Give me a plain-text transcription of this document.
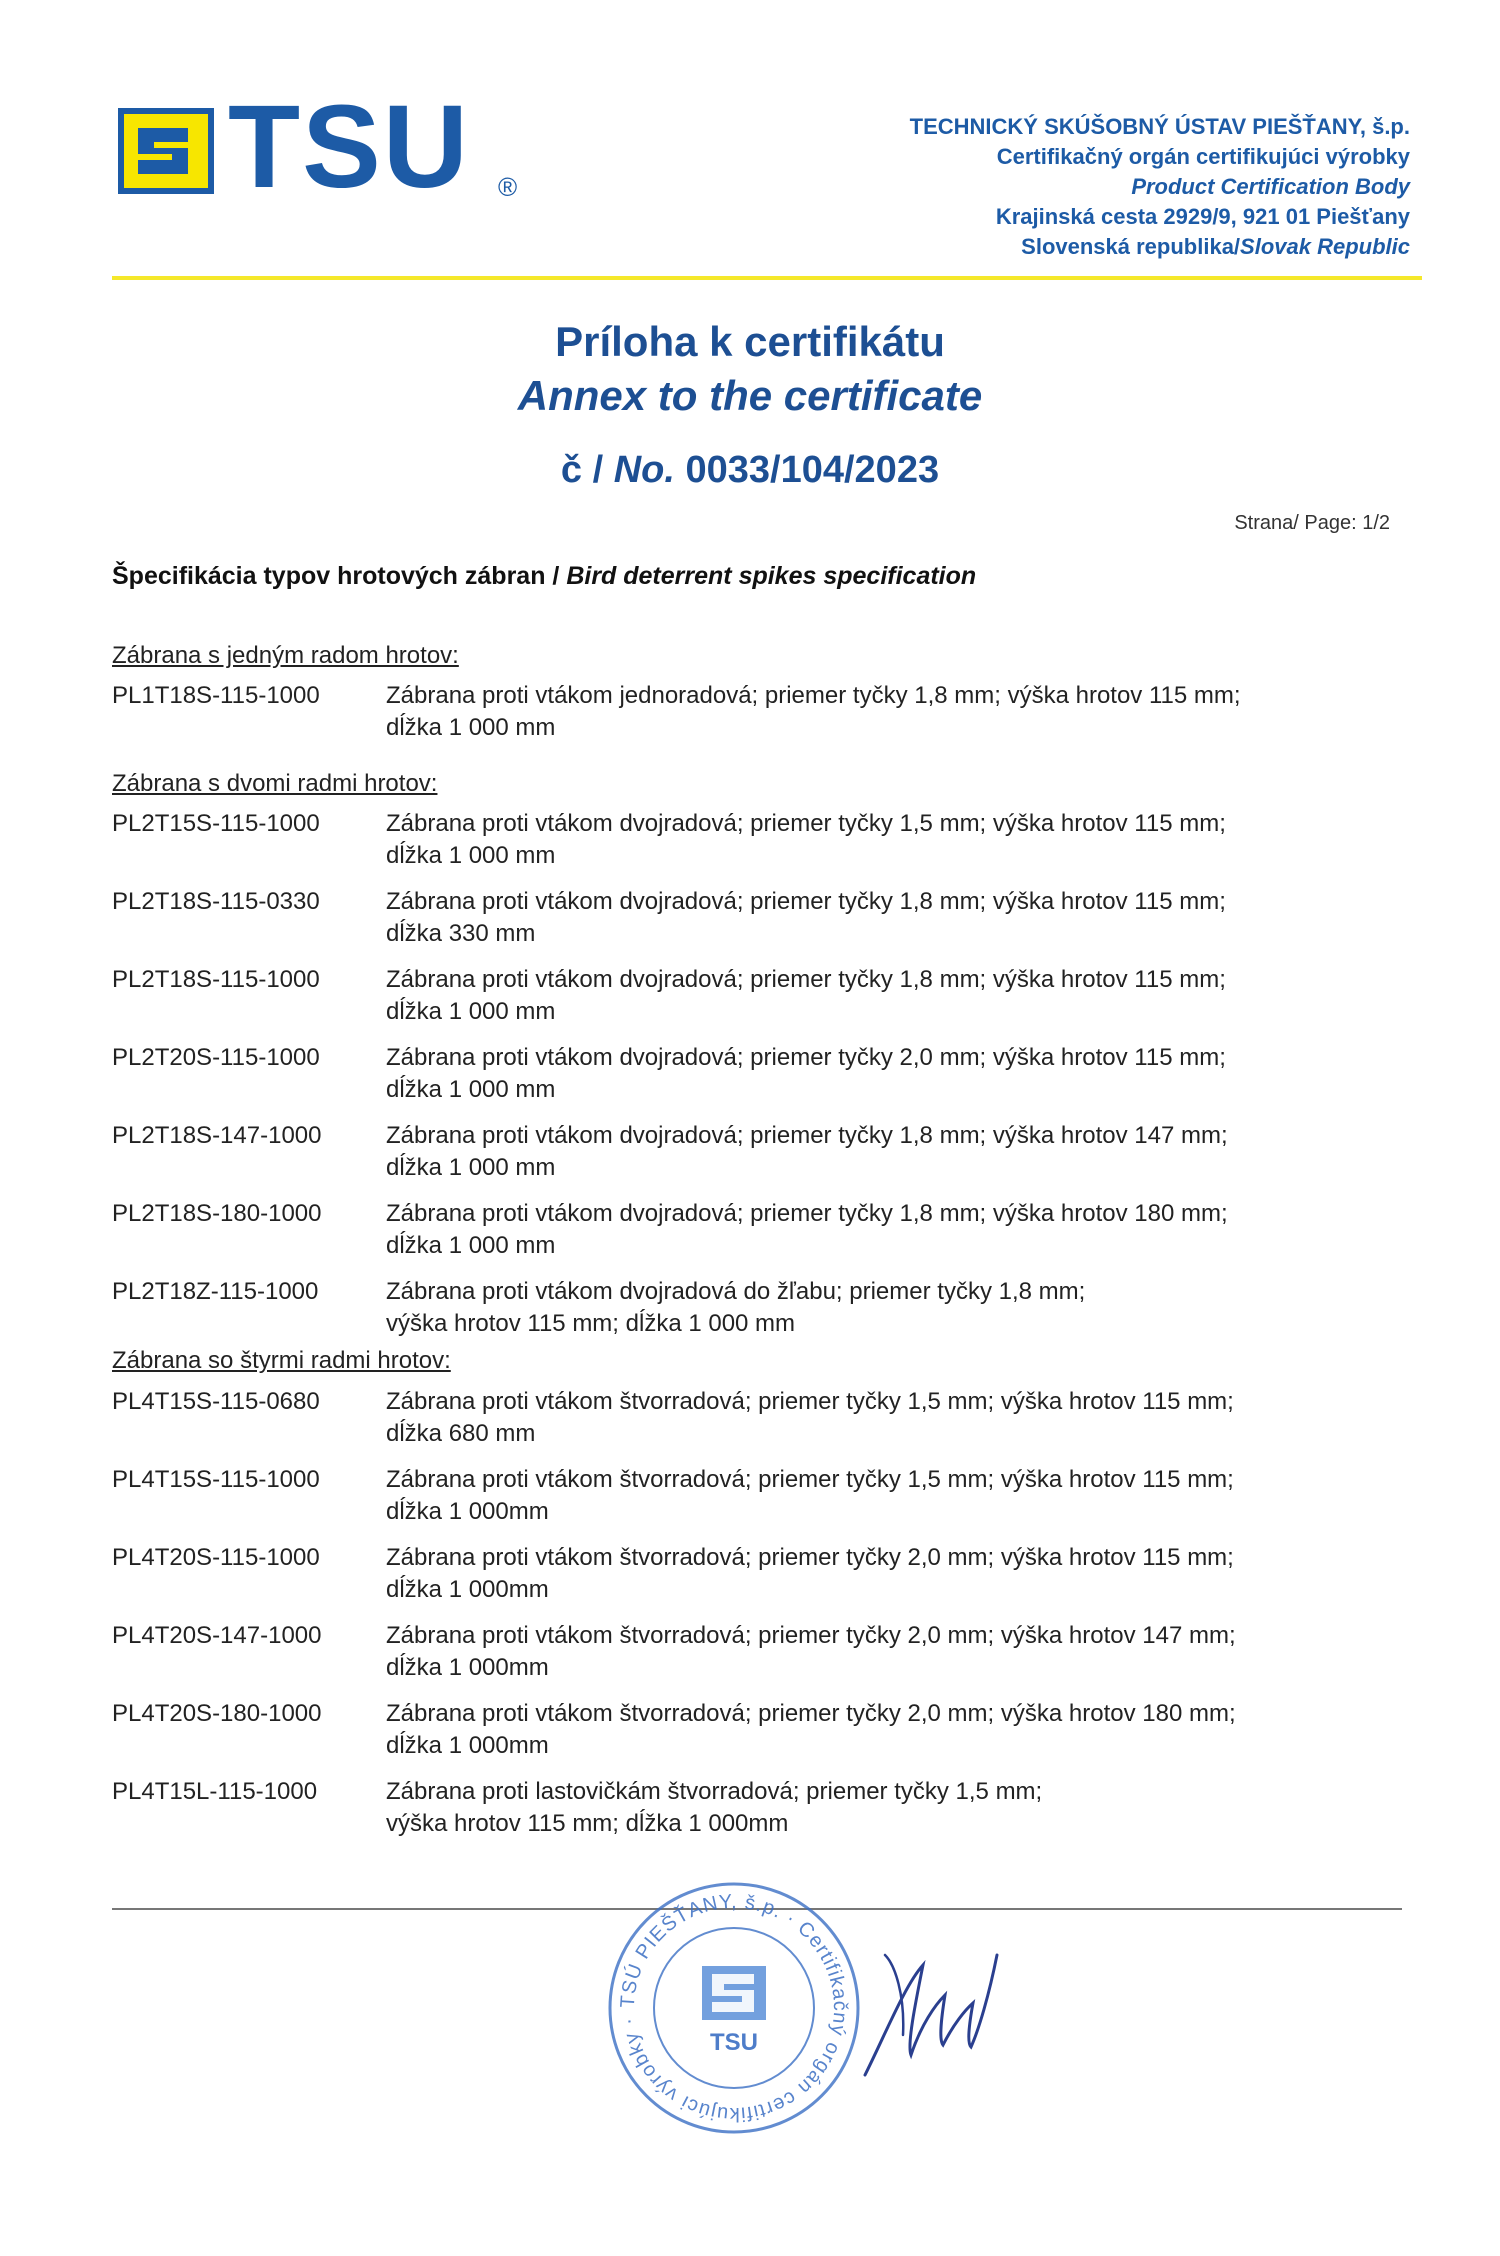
TSU ®
TECHNICKÝ SKÚŠOBNÝ ÚSTAV PIEŠŤANY, š.p.
Certifikačný orgán certifikujúci výrobky
Product Certification Body
Krajinská cesta 2929/9, 921 01 Piešťany
Slovenská republika/Slovak Republic
Príloha k certifikátu
Annex to the certificate
č / No. 0033/104/2023
Strana/ Page: 1/2
Špecifikácia typov hrotových zábran / Bird deterrent spikes specification
Zábrana s jedným radom hrotov:
PL1T18S-115-1000	Zábrana proti vtákom jednoradová; priemer tyčky 1,8 mm; výška hrotov 115 mm;
dĺžka 1 000 mm
Zábrana s dvomi radmi hrotov:
PL2T15S-115-1000	Zábrana proti vtákom dvojradová; priemer tyčky 1,5 mm; výška hrotov 115 mm;
dĺžka 1 000 mm
PL2T18S-115-0330	Zábrana proti vtákom dvojradová; priemer tyčky 1,8 mm; výška hrotov 115 mm;
dĺžka 330 mm
PL2T18S-115-1000	Zábrana proti vtákom dvojradová; priemer tyčky 1,8 mm; výška hrotov 115 mm;
dĺžka 1 000 mm
PL2T20S-115-1000	Zábrana proti vtákom dvojradová; priemer tyčky 2,0 mm; výška hrotov 115 mm;
dĺžka 1 000 mm
PL2T18S-147-1000	Zábrana proti vtákom dvojradová; priemer tyčky 1,8 mm; výška hrotov 147 mm;
dĺžka 1 000 mm
PL2T18S-180-1000	Zábrana proti vtákom dvojradová; priemer tyčky 1,8 mm; výška hrotov 180 mm;
dĺžka 1 000 mm
PL2T18Z-115-1000	Zábrana proti vtákom dvojradová do žľabu; priemer tyčky 1,8 mm;
výška hrotov 115 mm; dĺžka 1 000 mm
Zábrana so štyrmi radmi hrotov:
PL4T15S-115-0680	Zábrana proti vtákom štvorradová; priemer tyčky 1,5 mm; výška hrotov 115 mm;
dĺžka 680 mm
PL4T15S-115-1000	Zábrana proti vtákom štvorradová; priemer tyčky 1,5 mm; výška hrotov 115 mm;
dĺžka 1 000mm
PL4T20S-115-1000	Zábrana proti vtákom štvorradová; priemer tyčky 2,0 mm; výška hrotov 115 mm;
dĺžka 1 000mm
PL4T20S-147-1000	Zábrana proti vtákom štvorradová; priemer tyčky 2,0 mm; výška hrotov 147 mm;
dĺžka 1 000mm
PL4T20S-180-1000	Zábrana proti vtákom štvorradová; priemer tyčky 2,0 mm; výška hrotov 180 mm;
dĺžka 1 000mm
PL4T15L-115-1000	Zábrana proti lastovičkám štvorradová; priemer tyčky 1,5 mm;
výška hrotov 115 mm; dĺžka 1 000mm
TSÚ PIEŠŤANY, š.p. · Certifikačný orgán certifikujúci výrobky ·
TSU
